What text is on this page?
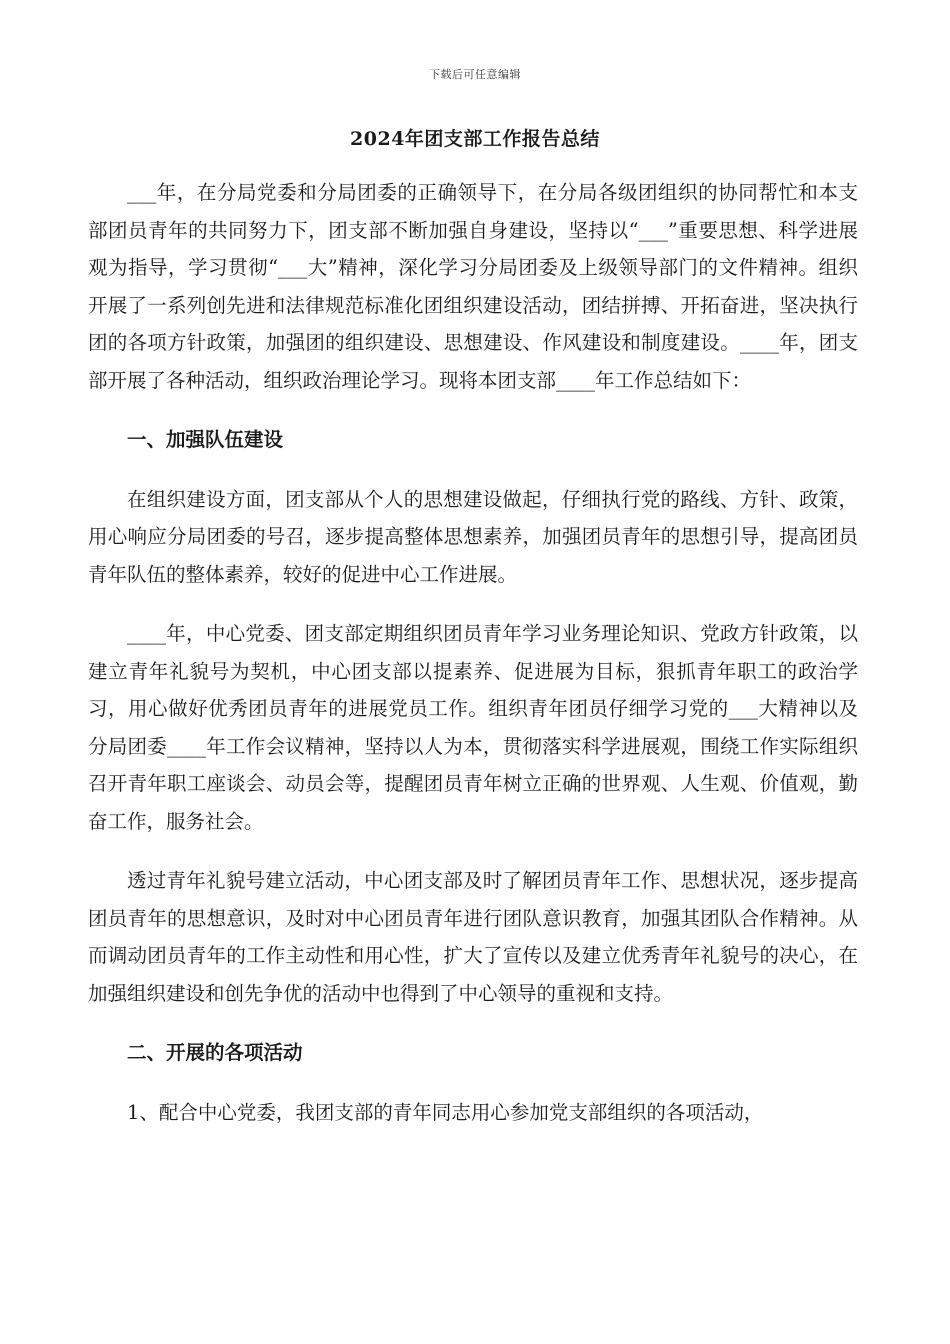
下载后可任意编辑
2024年团支部工作报告总结

___年，在分局党委和分局团委的正确领导下，在分局各级团组织的协同帮忙和本支部团员青年的共同努力下，团支部不断加强自身建设，坚持以“___”重要思想、科学进展观为指导，学习贯彻“___大”精神，深化学习分局团委及上级领导部门的文件精神。组织开展了一系列创先进和法律规范标准化团组织建设活动，团结拼搏、开拓奋进，坚决执行团的各项方针政策，加强团的组织建设、思想建设、作风建设和制度建设。____年，团支部开展了各种活动，组织政治理论学习。现将本团支部____年工作总结如下：

一、加强队伍建设

在组织建设方面，团支部从个人的思想建设做起，仔细执行党的路线、方针、政策，用心响应分局团委的号召，逐步提高整体思想素养，加强团员青年的思想引导，提高团员青年队伍的整体素养，较好的促进中心工作进展。

____年，中心党委、团支部定期组织团员青年学习业务理论知识、党政方针政策，以建立青年礼貌号为契机，中心团支部以提素养、促进展为目标，狠抓青年职工的政治学习，用心做好优秀团员青年的进展党员工作。组织青年团员仔细学习党的___大精神以及分局团委____年工作会议精神，坚持以人为本，贯彻落实科学进展观，围绕工作实际组织召开青年职工座谈会、动员会等，提醒团员青年树立正确的世界观、人生观、价值观，勤奋工作，服务社会。

透过青年礼貌号建立活动，中心团支部及时了解团员青年工作、思想状况，逐步提高团员青年的思想意识，及时对中心团员青年进行团队意识教育，加强其团队合作精神。从而调动团员青年的工作主动性和用心性，扩大了宣传以及建立优秀青年礼貌号的决心，在加强组织建设和创先争优的活动中也得到了中心领导的重视和支持。

二、开展的各项活动

1、配合中心党委，我团支部的青年同志用心参加党支部组织的各项活动，
